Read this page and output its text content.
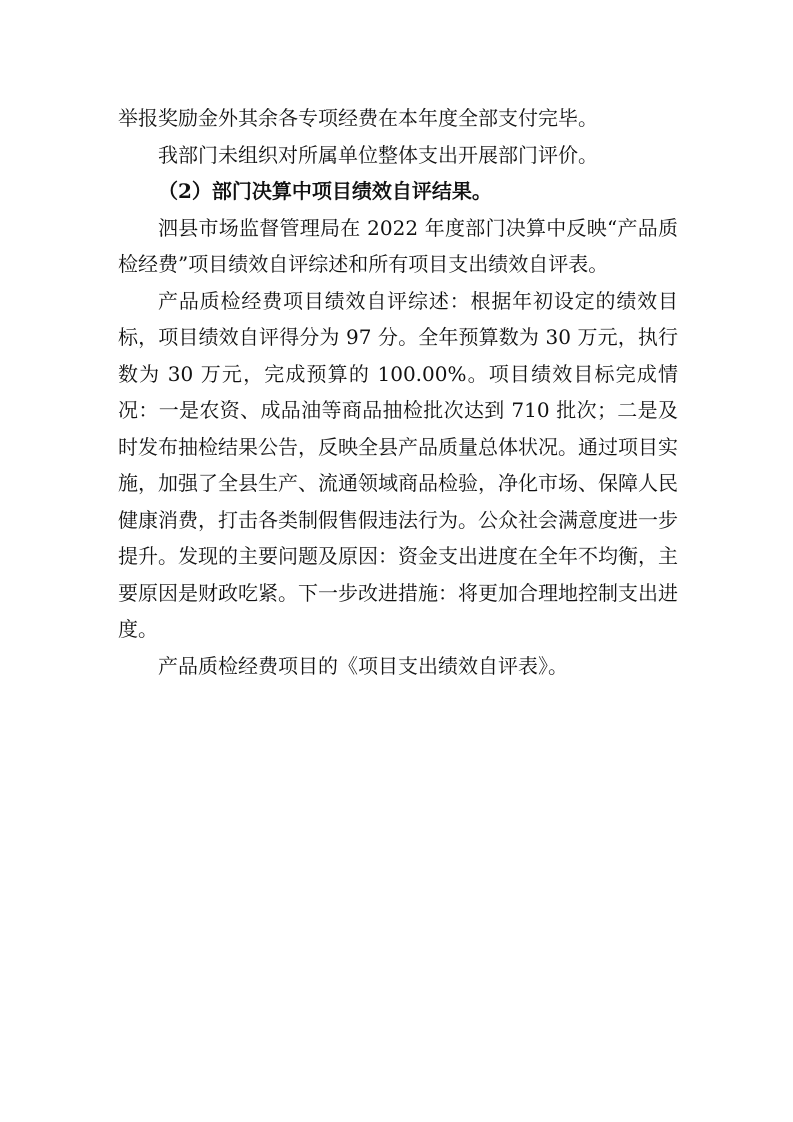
举报奖励金外其余各专项经费在本年度全部支付完毕。

我部门未组织对所属单位整体支出开展部门评价。

（2）部门决算中项目绩效自评结果。

泗县市场监督管理局在 2022 年度部门决算中反映“产品质检经费”项目绩效自评综述和所有项目支出绩效自评表。

产品质检经费项目绩效自评综述：根据年初设定的绩效目标，项目绩效自评得分为 97 分。全年预算数为 30 万元，执行数为 30 万元，完成预算的 100.00%。项目绩效目标完成情况：一是农资、成品油等商品抽检批次达到 710 批次；二是及时发布抽检结果公告，反映全县产品质量总体状况。通过项目实施，加强了全县生产、流通领域商品检验，净化市场、保障人民健康消费，打击各类制假售假违法行为。公众社会满意度进一步提升。发现的主要问题及原因：资金支出进度在全年不均衡，主要原因是财政吃紧。下一步改进措施：将更加合理地控制支出进度。

产品质检经费项目的《项目支出绩效自评表》。
